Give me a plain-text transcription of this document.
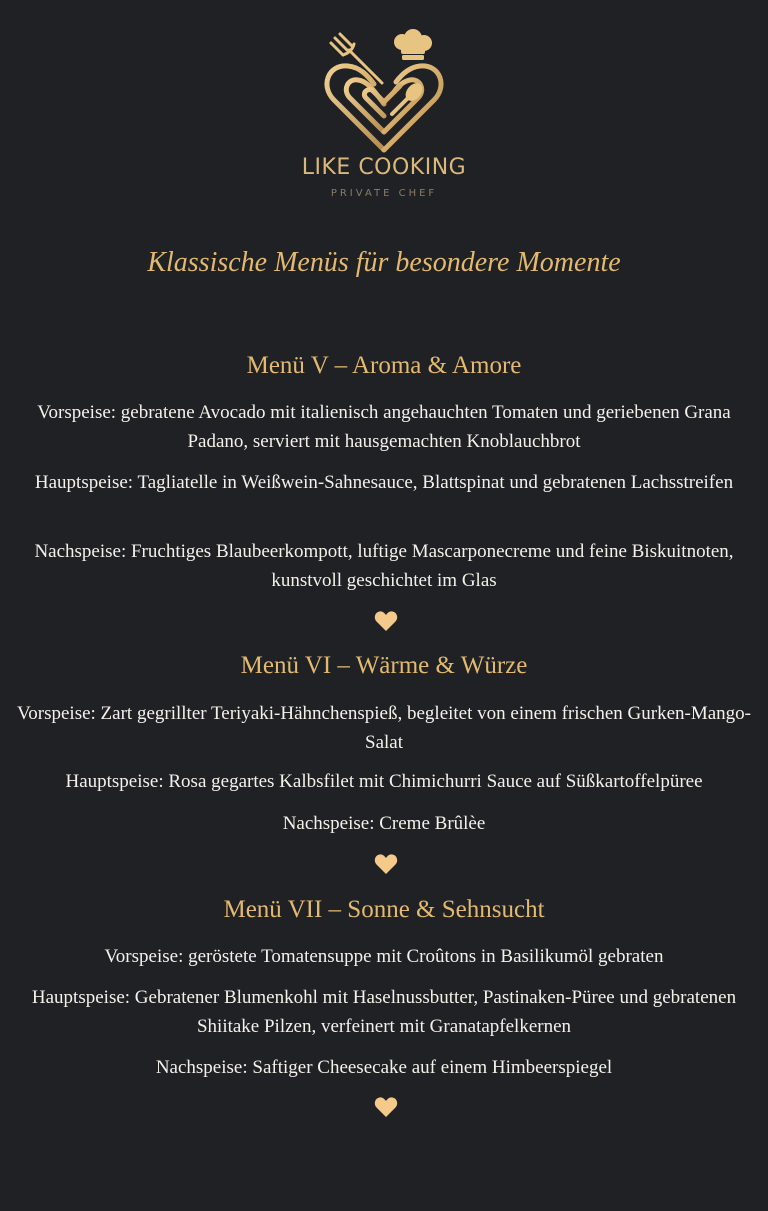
LIKE COOKING
PRIVATE CHEF
Klassische Menüs für besondere Momente
Menü V – Aroma & Amore
Vorspeise: gebratene Avocado mit italienisch angehauchten Tomaten und geriebenen Grana Padano, serviert mit hausgemachten Knoblauchbrot
Hauptspeise: Tagliatelle in Weißwein-Sahnesauce, Blattspinat und gebratenen Lachsstreifen
Nachspeise: Fruchtiges Blaubeerkompott, luftige Mascarponecreme und feine Biskuitnoten, kunstvoll geschichtet im Glas
Menü VI – Wärme & Würze
Vorspeise: Zart gegrillter Teriyaki-Hähnchenspieß, begleitet von einem frischen Gurken-Mango-Salat
Hauptspeise: Rosa gegartes Kalbsfilet mit Chimichurri Sauce auf Süßkartoffelpüree
Nachspeise: Creme Brûlèe
Menü VII – Sonne & Sehnsucht
Vorspeise: geröstete Tomatensuppe mit Croûtons in Basilikumöl gebraten
Hauptspeise: Gebratener Blumenkohl mit Haselnussbutter, Pastinaken-Püree und gebratenen Shiitake Pilzen, verfeinert mit Granatapfelkernen
Nachspeise: Saftiger Cheesecake auf einem Himbeerspiegel
